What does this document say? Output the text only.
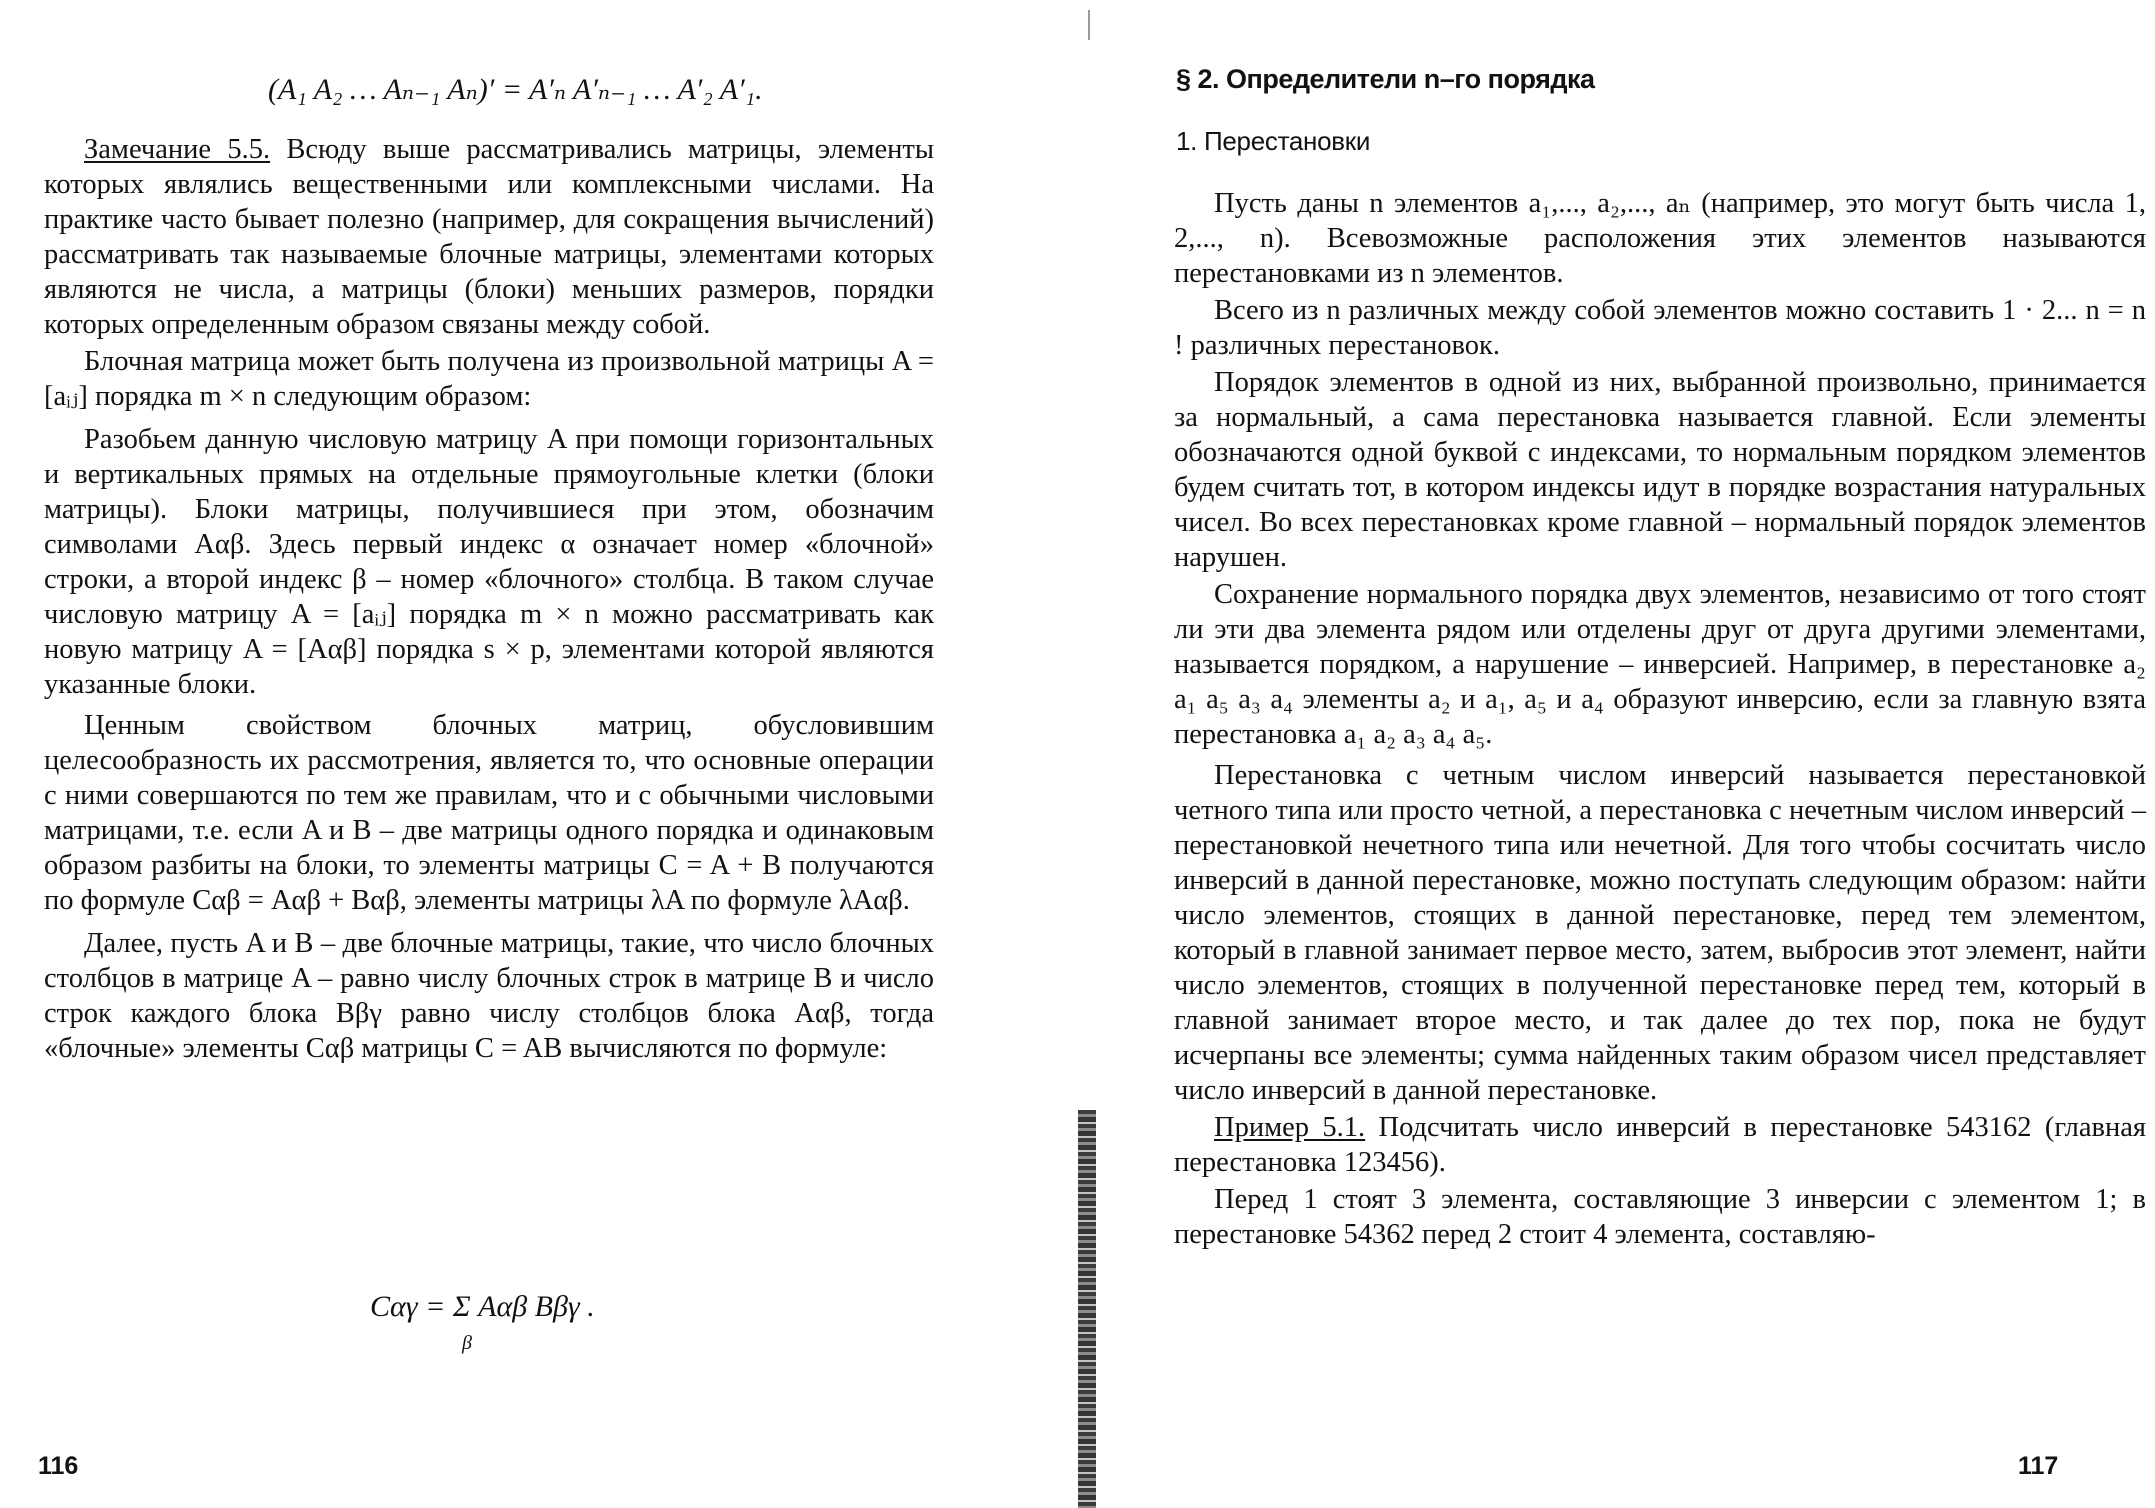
(A₁ A₂ … Aₙ₋₁ Aₙ)′ = A′ₙ A′ₙ₋₁ … A′₂ A′₁.

Замечание 5.5. Всюду выше рассматривались матрицы, элементы которых являлись вещественными или комплексными числами. На практике часто бывает полезно (например, для сокращения вычислений) рассматривать так называемые блочные матрицы, элементами которых являются не числа, а матрицы (блоки) меньших размеров, порядки которых определенным образом связаны между собой.

Блочная матрица может быть получена из произвольной матрицы A = [aᵢⱼ] порядка m × n следующим образом:

Разобьем данную числовую матрицу A при помощи горизонтальных и вертикальных прямых на отдельные прямоугольные клетки (блоки матрицы). Блоки матрицы, получившиеся при этом, обозначим символами Aαβ. Здесь первый индекс α означает номер «блочной» строки, а второй индекс β – номер «блочного» столбца. В таком случае числовую матрицу A = [aᵢⱼ] порядка m × n можно рассматривать как новую матрицу A = [Aαβ] порядка s × p, элементами которой являются указанные блоки.

Ценным свойством блочных матриц, обусловившим целесообразность их рассмотрения, является то, что основные операции с ними совершаются по тем же правилам, что и с обычными числовыми матрицами, т.е. если A и B – две матрицы одного порядка и одинаковым образом разбиты на блоки, то элементы матрицы C = A + B получаются по формуле Cαβ = Aαβ + Bαβ, элементы матрицы λA по формуле λAαβ.

Далее, пусть A и B – две блочные матрицы, такие, что число блочных столбцов в матрице A – равно числу блочных строк в матрице B и число строк каждого блока Bβγ равно числу столбцов блока Aαβ, тогда «блочные» элементы Cαβ матрицы C = AB вычисляются по формуле:

Cαγ = Σ Aαβ Bβγ .
β
116
§ 2. Определители n–го порядка
1. Перестановки

Пусть даны n элементов a₁,..., a₂,..., aₙ (например, это могут быть числа 1, 2,..., n). Всевозможные расположения этих элементов называются перестановками из n элементов.

Всего из n различных между собой элементов можно составить 1 · 2... n = n ! различных перестановок.

Порядок элементов в одной из них, выбранной произвольно, принимается за нормальный, а сама перестановка называется главной. Если элементы обозначаются одной буквой с индексами, то нормальным порядком элементов будем считать тот, в котором индексы идут в порядке возрастания натуральных чисел. Во всех перестановках кроме главной – нормальный порядок элементов нарушен.

Сохранение нормального порядка двух элементов, независимо от того стоят ли эти два элемента рядом или отделены друг от друга другими элементами, называется порядком, а нарушение – инверсией. Например, в перестановке a₂ a₁ a₅ a₃ a₄ элементы a₂ и a₁, a₅ и a₄ образуют инверсию, если за главную взята перестановка a₁ a₂ a₃ a₄ a₅.

Перестановка с четным числом инверсий называется перестановкой четного типа или просто четной, а перестановка с нечетным числом инверсий – перестановкой нечетного типа или нечетной. Для того чтобы сосчитать число инверсий в данной перестановке, можно поступать следующим образом: найти число элементов, стоящих в данной перестановке, перед тем элементом, который в главной занимает первое место, затем, выбросив этот элемент, найти число элементов, стоящих в полученной перестановке перед тем, который в главной занимает второе место, и так далее до тех пор, пока не будут исчерпаны все элементы; сумма найденных таким образом чисел представляет число инверсий в данной перестановке.

Пример 5.1. Подсчитать число инверсий в перестановке 543162 (главная перестановка 123456).

Перед 1 стоят 3 элемента, составляющие 3 инверсии с элементом 1; в перестановке 54362 перед 2 стоит 4 элемента, составляю-

117
